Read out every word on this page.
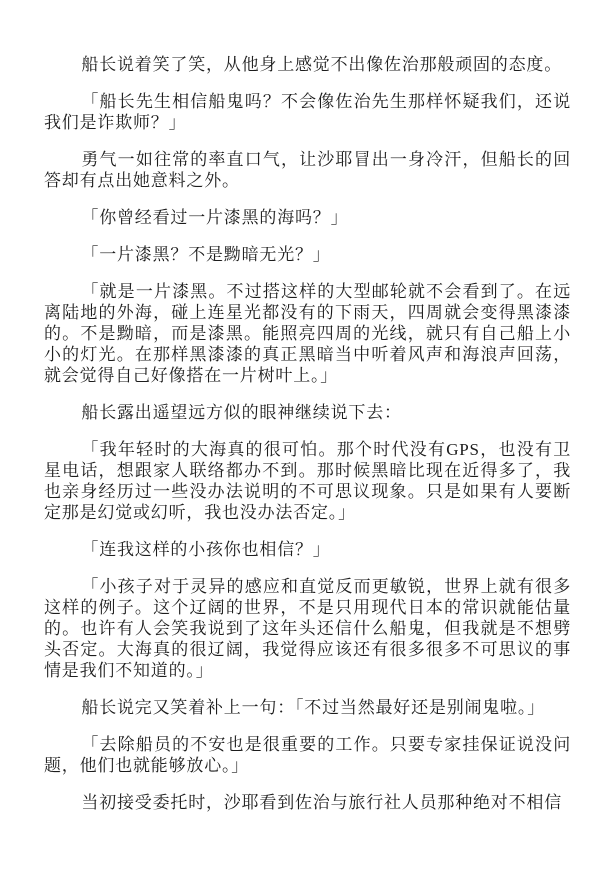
船长说着笑了笑，从他身上感觉不出像佐治那般顽固的态度。

「船长先生相信船鬼吗？不会像佐治先生那样怀疑我们，还说我们是诈欺师？」

勇气一如往常的率直口气，让沙耶冒出一身冷汗，但船长的回答却有点出她意料之外。

「你曾经看过一片漆黑的海吗？」

「一片漆黑？不是黝暗无光？」

「就是一片漆黑。不过搭这样的大型邮轮就不会看到了。在远离陆地的外海，碰上连星光都没有的下雨天，四周就会变得黑漆漆的。不是黝暗，而是漆黑。能照亮四周的光线，就只有自己船上小小的灯光。在那样黑漆漆的真正黑暗当中听着风声和海浪声回荡，就会觉得自己好像搭在一片树叶上。」

船长露出遥望远方似的眼神继续说下去：

「我年轻时的大海真的很可怕。那个时代没有GPS，也没有卫星电话，想跟家人联络都办不到。那时候黑暗比现在近得多了，我也亲身经历过一些没办法说明的不可思议现象。只是如果有人要断定那是幻觉或幻听，我也没办法否定。」

「连我这样的小孩你也相信？」

「小孩子对于灵异的感应和直觉反而更敏锐，世界上就有很多这样的例子。这个辽阔的世界，不是只用现代日本的常识就能估量的。也许有人会笑我说到了这年头还信什么船鬼，但我就是不想劈头否定。大海真的很辽阔，我觉得应该还有很多很多不可思议的事情是我们不知道的。」

船长说完又笑着补上一句：「不过当然最好还是别闹鬼啦。」

「去除船员的不安也是很重要的工作。只要专家挂保证说没问题，他们也就能够放心。」

当初接受委托时，沙耶看到佐治与旅行社人员那种绝对不相信
